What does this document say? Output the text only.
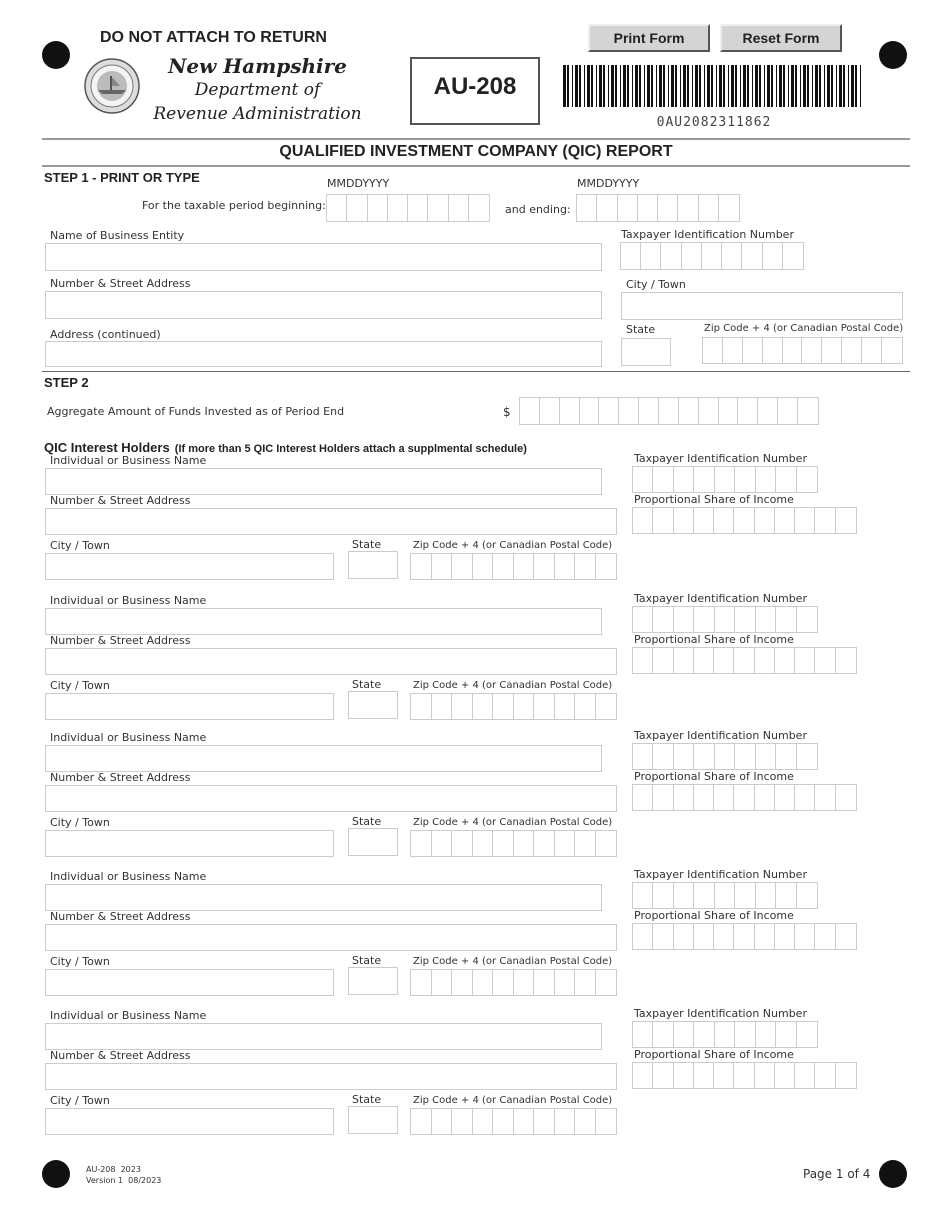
DO NOT ATTACH TO RETURN
New Hampshire
Department of
Revenue Administration
AU-208
Print Form	Reset Form
0AU2082311862
QUALIFIED INVESTMENT COMPANY (QIC) REPORT
STEP 1 - PRINT OR TYPE	MMDDYYYY	MMDDYYYY
For the taxable period beginning:	and ending:
Name of Business Entity	Taxpayer Identification Number
Number & Street Address	City / Town
Address (continued)	State	Zip Code + 4 (or Canadian Postal Code)
STEP 2
Aggregate Amount of Funds Invested as of Period End	$
QIC Interest Holders (If more than 5 QIC Interest Holders attach a supplmental schedule)
Individual or Business Name	Taxpayer Identification Number
Number & Street Address	Proportional Share of Income
City / Town	State	Zip Code + 4 (or Canadian Postal Code)
Individual or Business Name	Taxpayer Identification Number
Number & Street Address	Proportional Share of Income
City / Town	State	Zip Code + 4 (or Canadian Postal Code)
Individual or Business Name	Taxpayer Identification Number
Number & Street Address	Proportional Share of Income
City / Town	State	Zip Code + 4 (or Canadian Postal Code)
Individual or Business Name	Taxpayer Identification Number
Number & Street Address	Proportional Share of Income
City / Town	State	Zip Code + 4 (or Canadian Postal Code)
Individual or Business Name	Taxpayer Identification Number
Number & Street Address	Proportional Share of Income
City / Town	State	Zip Code + 4 (or Canadian Postal Code)
AU-208  2023
Version 1  08/2023	Page 1 of 4
